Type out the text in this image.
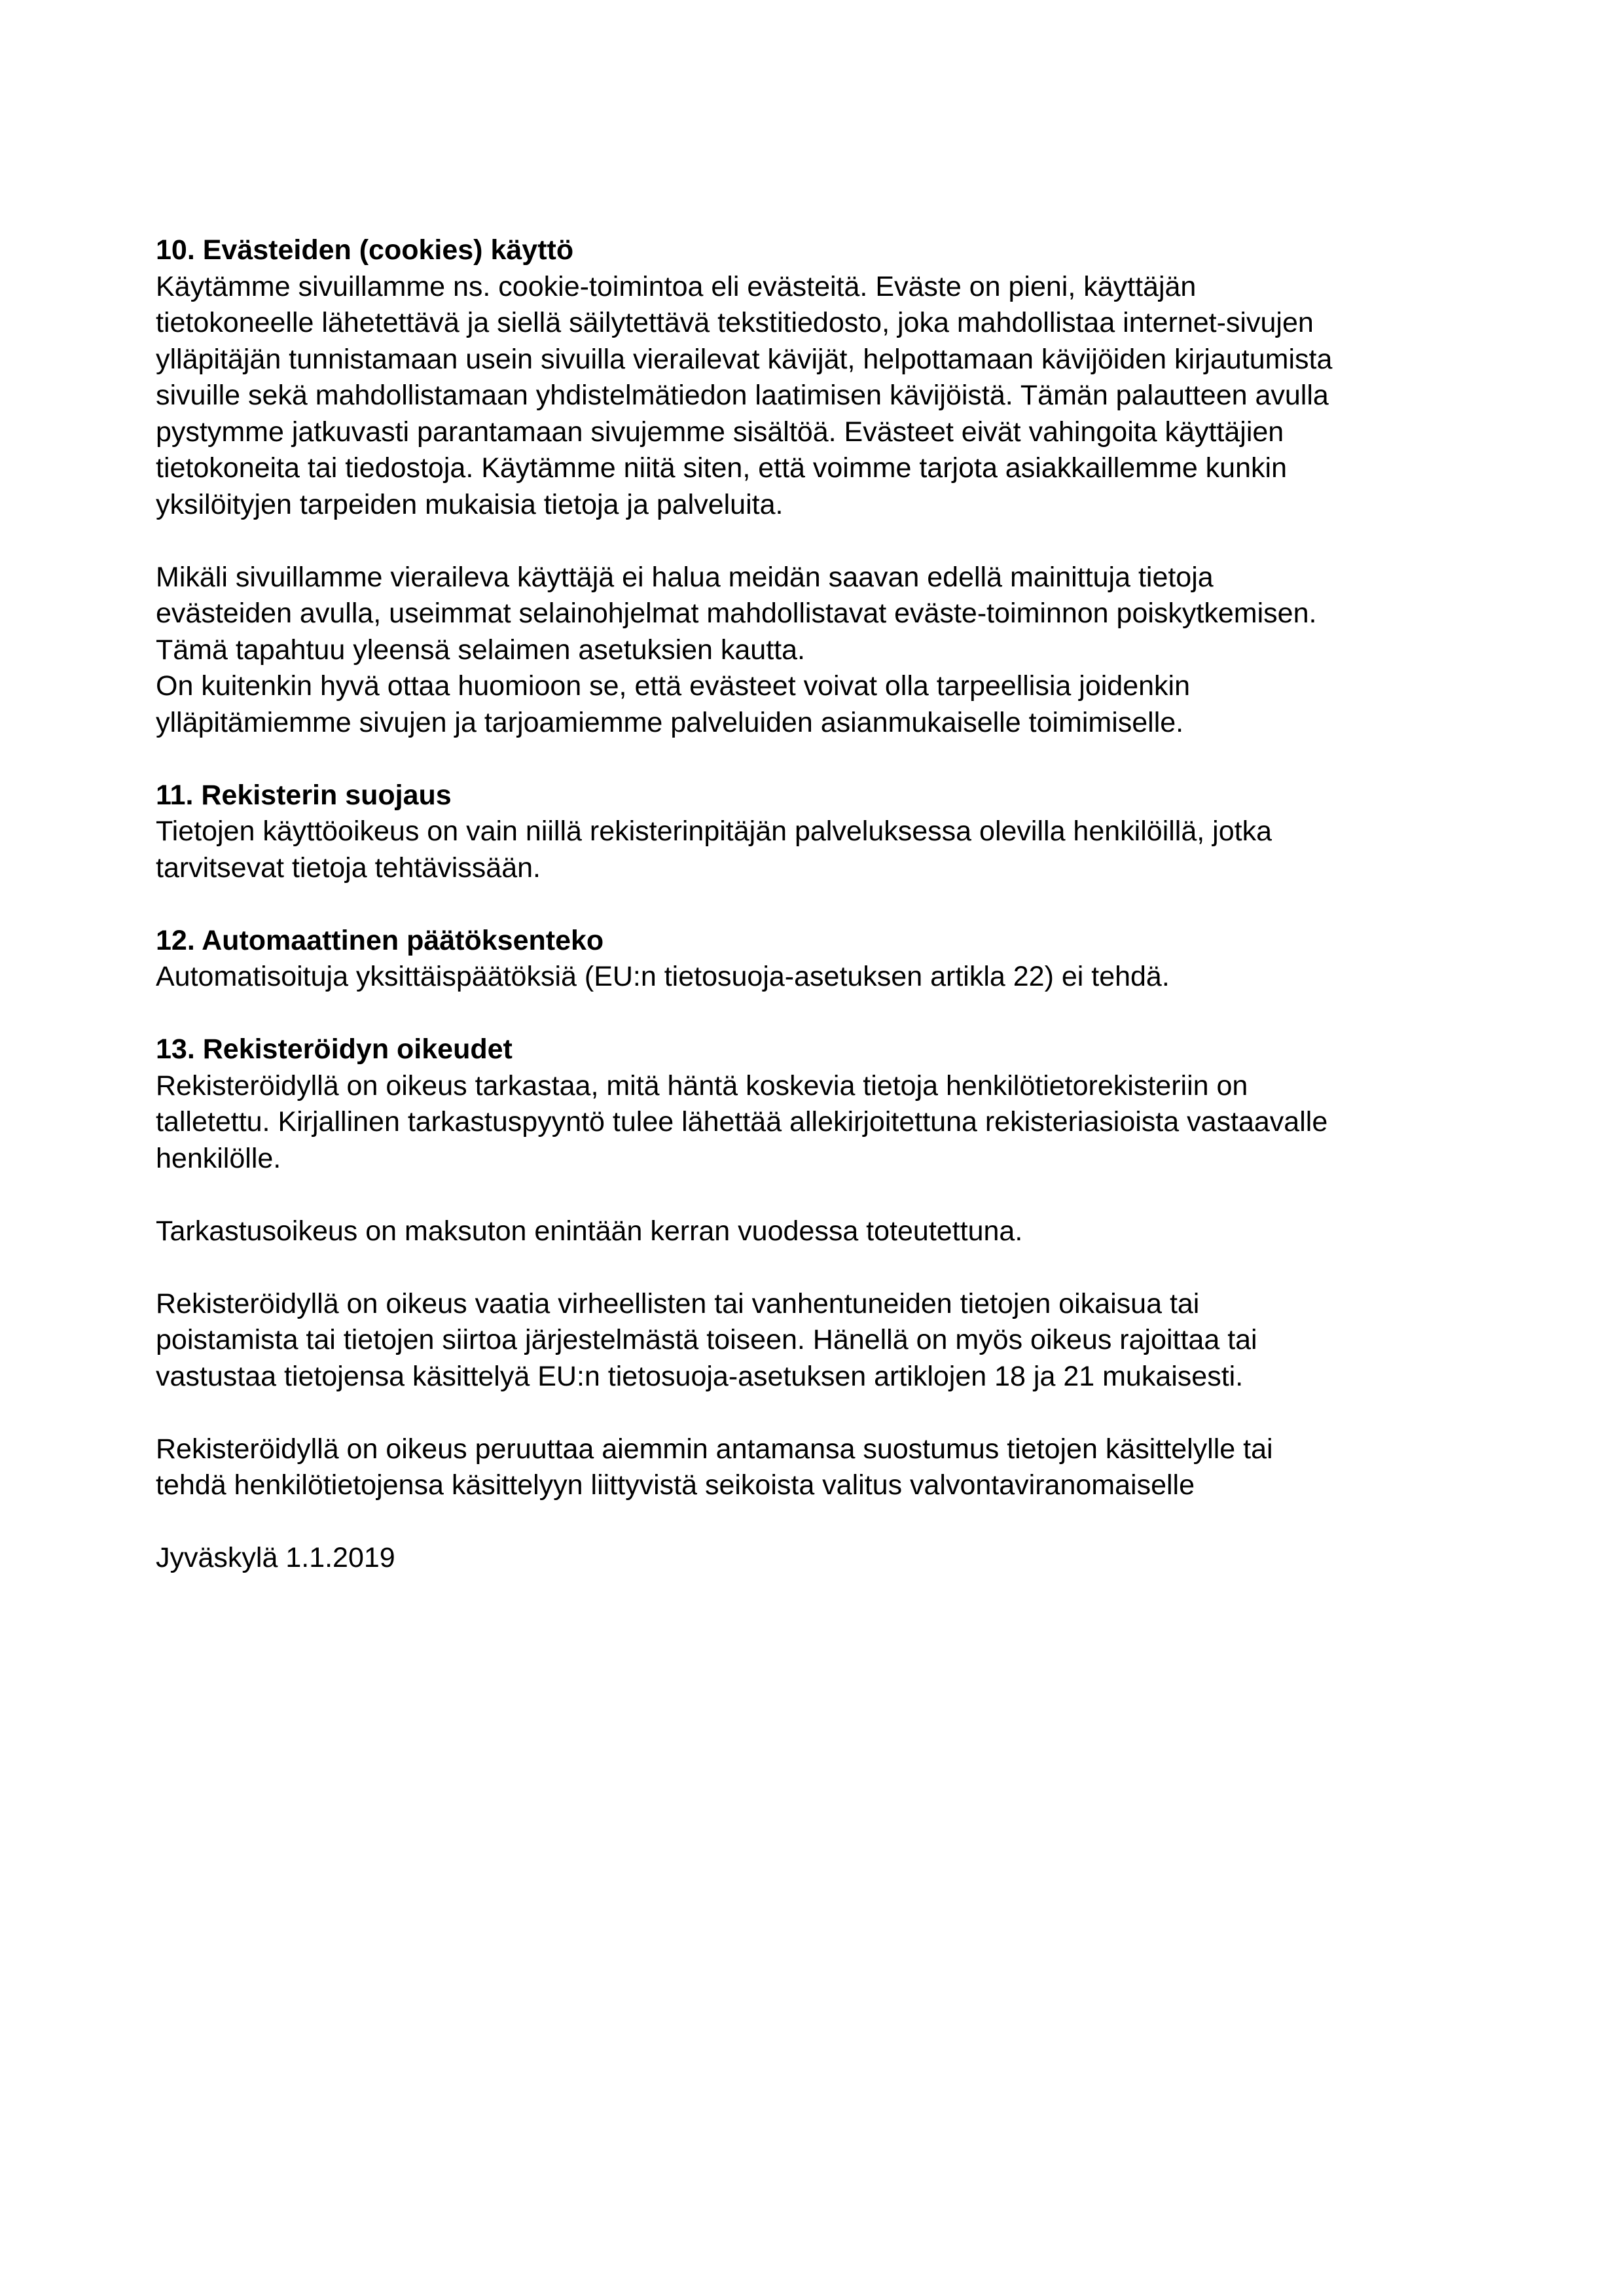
10. Evästeiden (cookies) käyttö

Käytämme sivuillamme ns. cookie-toimintoa eli evästeitä. Eväste on pieni, käyttäjän
tietokoneelle lähetettävä ja siellä säilytettävä tekstitiedosto, joka mahdollistaa internet-sivujen
ylläpitäjän tunnistamaan usein sivuilla vierailevat kävijät, helpottamaan kävijöiden kirjautumista
sivuille sekä mahdollistamaan yhdistelmätiedon laatimisen kävijöistä. Tämän palautteen avulla
pystymme jatkuvasti parantamaan sivujemme sisältöä. Evästeet eivät vahingoita käyttäjien
tietokoneita tai tiedostoja. Käytämme niitä siten, että voimme tarjota asiakkaillemme kunkin
yksilöityjen tarpeiden mukaisia tietoja ja palveluita.

Mikäli sivuillamme vieraileva käyttäjä ei halua meidän saavan edellä mainittuja tietoja
evästeiden avulla, useimmat selainohjelmat mahdollistavat eväste-toiminnon poiskytkemisen.
Tämä tapahtuu yleensä selaimen asetuksien kautta.

On kuitenkin hyvä ottaa huomioon se, että evästeet voivat olla tarpeellisia joidenkin
ylläpitämiemme sivujen ja tarjoamiemme palveluiden asianmukaiselle toimimiselle.

11. Rekisterin suojaus

Tietojen käyttöoikeus on vain niillä rekisterinpitäjän palveluksessa olevilla henkilöillä, jotka
tarvitsevat tietoja tehtävissään.

12. Automaattinen päätöksenteko

Automatisoituja yksittäispäätöksiä (EU:n tietosuoja-asetuksen artikla 22) ei tehdä.

13. Rekisteröidyn oikeudet

Rekisteröidyllä on oikeus tarkastaa, mitä häntä koskevia tietoja henkilötietorekisteriin on
talletettu. Kirjallinen tarkastuspyyntö tulee lähettää allekirjoitettuna rekisteriasioista vastaavalle
henkilölle.

Tarkastusoikeus on maksuton enintään kerran vuodessa toteutettuna.

Rekisteröidyllä on oikeus vaatia virheellisten tai vanhentuneiden tietojen oikaisua tai
poistamista tai tietojen siirtoa järjestelmästä toiseen. Hänellä on myös oikeus rajoittaa tai
vastustaa tietojensa käsittelyä EU:n tietosuoja-asetuksen artiklojen 18 ja 21 mukaisesti.

Rekisteröidyllä on oikeus peruuttaa aiemmin antamansa suostumus tietojen käsittelylle tai
tehdä henkilötietojensa käsittelyyn liittyvistä seikoista valitus valvontaviranomaiselle

Jyväskylä 1.1.2019
